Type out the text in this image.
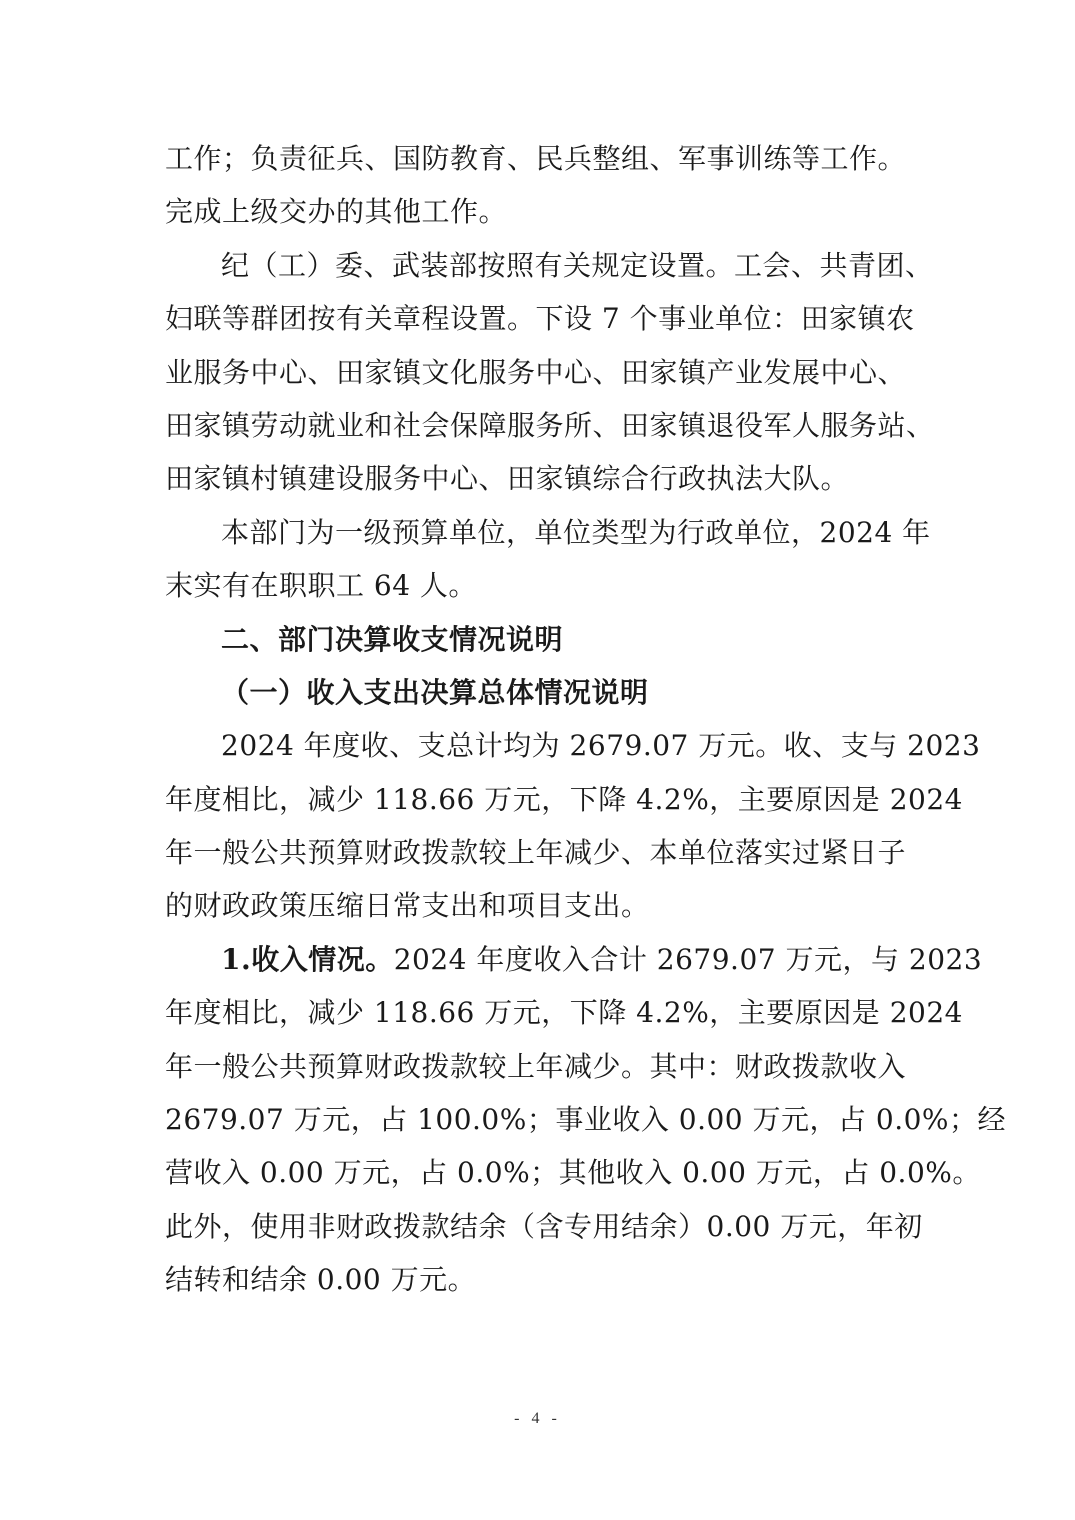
工作；负责征兵、国防教育、民兵整组、军事训练等工作。
完成上级交办的其他工作。
纪（工）委、武装部按照有关规定设置。工会、共青团、
妇联等群团按有关章程设置。下设 7 个事业单位：田家镇农
业服务中心、田家镇文化服务中心、田家镇产业发展中心、
田家镇劳动就业和社会保障服务所、田家镇退役军人服务站、
田家镇村镇建设服务中心、田家镇综合行政执法大队。
本部门为一级预算单位，单位类型为行政单位，2024 年
末实有在职职工 64 人。
二、部门决算收支情况说明
（一）收入支出决算总体情况说明
2024 年度收、支总计均为 2679.07 万元。收、支与 2023
年度相比，减少 118.66 万元，下降 4.2%，主要原因是 2024
年一般公共预算财政拨款较上年减少、本单位落实过紧日子
的财政政策压缩日常支出和项目支出。
1.收入情况。2024 年度收入合计 2679.07 万元，与 2023
年度相比，减少 118.66 万元，下降 4.2%，主要原因是 2024
年一般公共预算财政拨款较上年减少。其中：财政拨款收入
2679.07 万元，占 100.0%；事业收入 0.00 万元，占 0.0%；经
营收入 0.00 万元，占 0.0%；其他收入 0.00 万元，占 0.0%。
此外，使用非财政拨款结余（含专用结余）0.00 万元，年初
结转和结余 0.00 万元。
- 4 -
